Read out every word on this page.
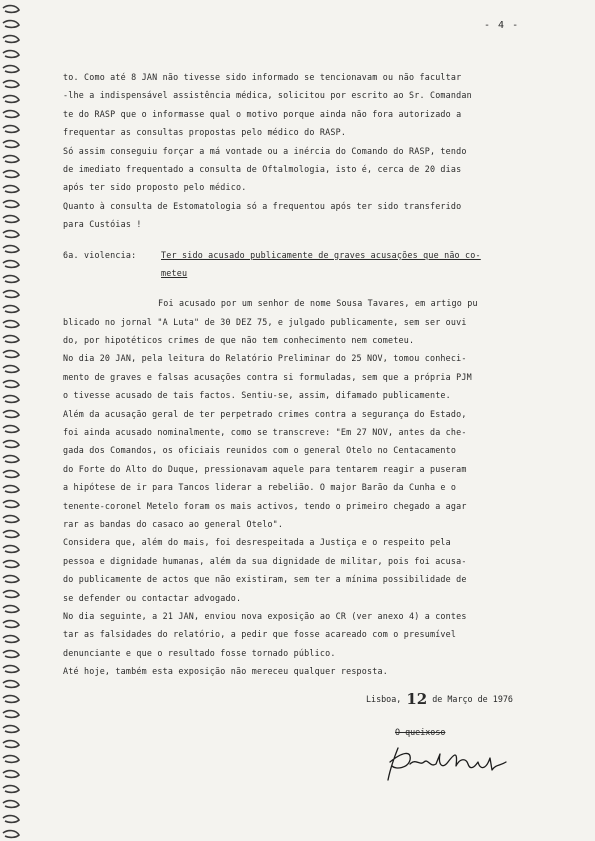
- 4 -
to. Como até 8 JAN não tivesse sido informado se tencionavam ou não facultar
-lhe a indispensável assistência médica, solicitou por escrito ao Sr. Comandan
te do RASP que o informasse qual o motivo porque ainda não fora autorizado a
frequentar as consultas propostas pelo médico do RASP.
Só assim conseguiu forçar a má vontade ou a inércia do Comando do RASP, tendo
de imediato frequentado a consulta de Oftalmologia, isto é, cerca de 20 dias
após ter sido proposto pelo médico.
Quanto à consulta de Estomatologia só a frequentou após ter sido transferido
para Custóias !
6a. violencia:	Ter sido acusado publicamente de graves acusações que não co-
meteu
Foi acusado por um senhor de nome Sousa Tavares, em artigo pu
blicado no jornal "A Luta" de 30 DEZ 75, e julgado publicamente, sem ser ouvi
do, por hipotéticos crimes de que não tem conhecimento nem cometeu.
No dia 20 JAN, pela leitura do Relatório Preliminar do 25 NOV, tomou conheci-
mento de graves e falsas acusações contra si formuladas, sem que a própria PJM
o tivesse acusado de tais factos. Sentiu-se, assim, difamado publicamente.
Além da acusação geral de ter perpetrado crimes contra a segurança do Estado,
foi ainda acusado nominalmente, como se transcreve: "Em 27 NOV, antes da che-
gada dos Comandos, os oficiais reunidos com o general Otelo no Centacamento
do Forte do Alto do Duque, pressionavam aquele para tentarem reagir a puseram
a hipótese de ir para Tancos liderar a rebelião. O major Barão da Cunha e o
tenente-coronel Metelo foram os mais activos, tendo o primeiro chegado a agar
rar as bandas do casaco ao general Otelo".
Considera que, além do mais, foi desrespeitada a Justiça e o respeito pela
pessoa e dignidade humanas, além da sua dignidade de militar, pois foi acusa-
do publicamente de actos que não existiram, sem ter a mínima possibilidade de
se defender ou contactar advogado.
No dia seguinte, a 21 JAN, enviou nova exposição ao CR (ver anexo 4) a contes
tar as falsidades do relatório, a pedir que fosse acareado com o presumível
denunciante e que o resultado fosse tornado público.
Até hoje, também esta exposição não mereceu qualquer resposta.
Lisboa, 12 de Março de 1976
O queixoso
